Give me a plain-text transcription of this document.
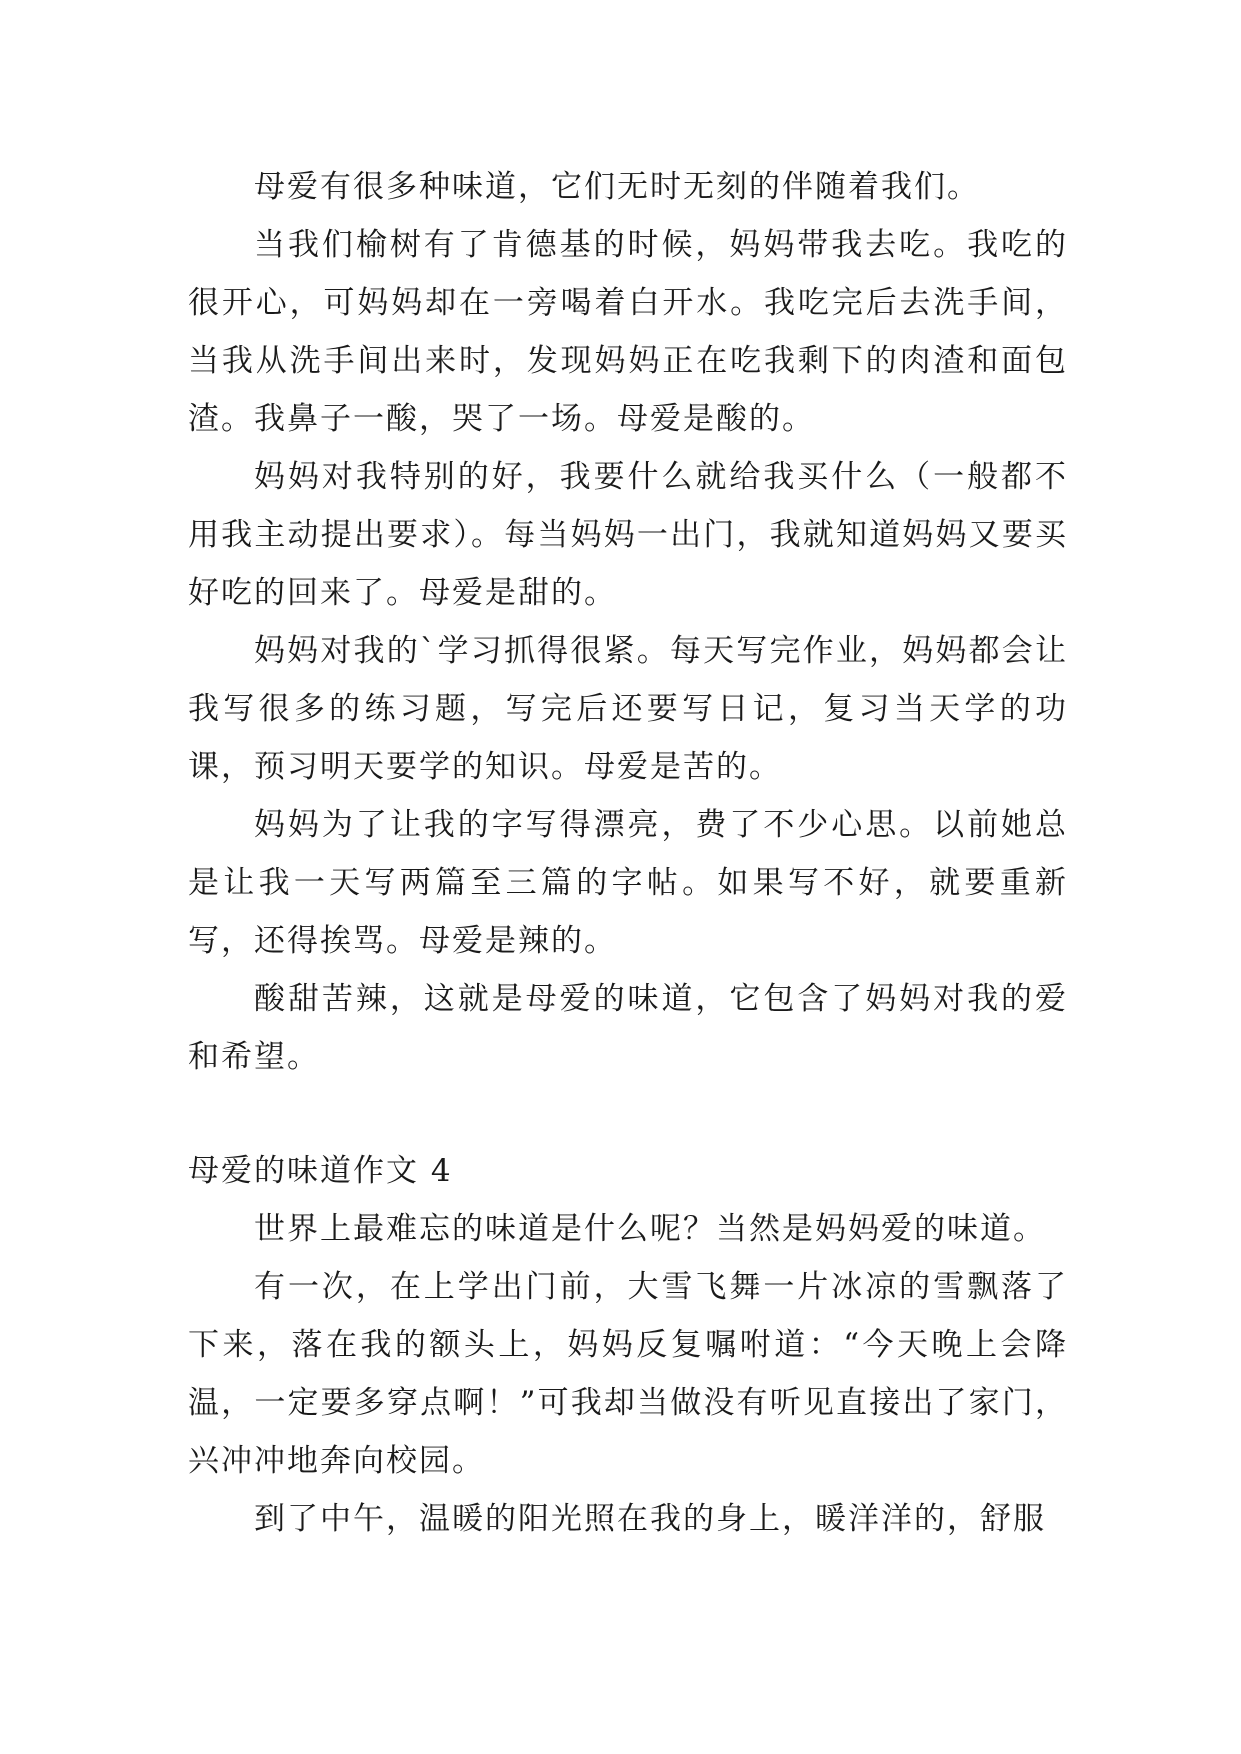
母爱有很多种味道，它们无时无刻的伴随着我们。

当我们榆树有了肯德基的时候，妈妈带我去吃。我吃的很开心，可妈妈却在一旁喝着白开水。我吃完后去洗手间，当我从洗手间出来时，发现妈妈正在吃我剩下的肉渣和面包渣。我鼻子一酸，哭了一场。母爱是酸的。

妈妈对我特别的好，我要什么就给我买什么（一般都不用我主动提出要求）。每当妈妈一出门，我就知道妈妈又要买好吃的回来了。母爱是甜的。

妈妈对我的`学习抓得很紧。每天写完作业，妈妈都会让我写很多的练习题，写完后还要写日记，复习当天学的功课，预习明天要学的知识。母爱是苦的。

妈妈为了让我的字写得漂亮，费了不少心思。以前她总是让我一天写两篇至三篇的字帖。如果写不好，就要重新写，还得挨骂。母爱是辣的。

酸甜苦辣，这就是母爱的味道，它包含了妈妈对我的爱和希望。

母爱的味道作文 4

世界上最难忘的味道是什么呢？当然是妈妈爱的味道。

有一次，在上学出门前，大雪飞舞一片冰凉的雪飘落了下来，落在我的额头上，妈妈反复嘱咐道：“今天晚上会降温，一定要多穿点啊！”可我却当做没有听见直接出了家门，兴冲冲地奔向校园。

到了中午，温暖的阳光照在我的身上，暖洋洋的，舒服
